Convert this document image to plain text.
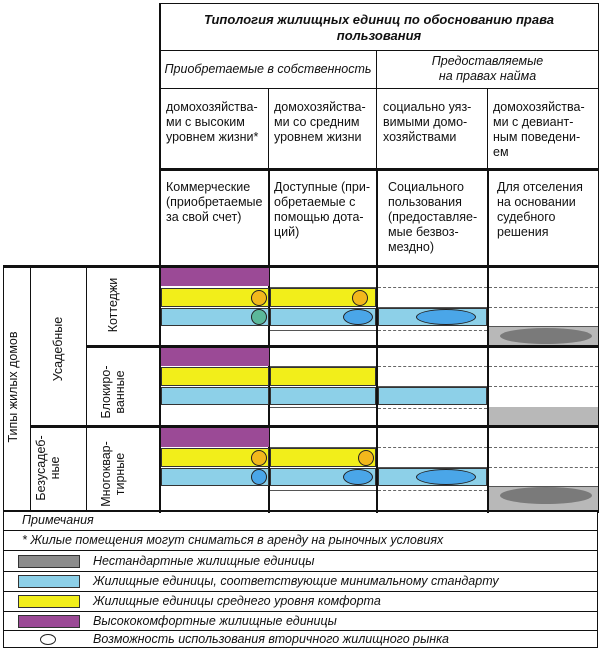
Типология жилищных единиц по обоснованию права пользования
Приобретаемые в собственность
Предоставляемые
на правах найма
домохозяйства-
ми с высоким
уровнем жизни*
домохозяйства-
ми со средним
уровнем жизни
социально уяз-
вимыми домо-
хозяйствами
домохозяйства-
ми с девиант-
ным поведени-
ем
Коммерческие
(приобретаемые
за свой счет)
Доступные (при-
обретаемые с
помощью дота-
ций)
Социального
пользования
(предоставляе-
мые безвоз-
мездно)
Для отселения
на основании
судебного
решения
Типы жилых домов Усадебные
Безусадеб-
ные
Коттеджи
Блокиро-
ванные
Многоквар-
тирные
Примечания
* Жилые помещения могут сниматься в аренду на рыночных условиях
Нестандартные жилищные единицы
Жилищные единицы, соответствующие минимальному стандарту
Жилищные единицы среднего уровня комфорта
Высококомфортные жилищные единицы
Возможность использования вторичного жилищного рынка
